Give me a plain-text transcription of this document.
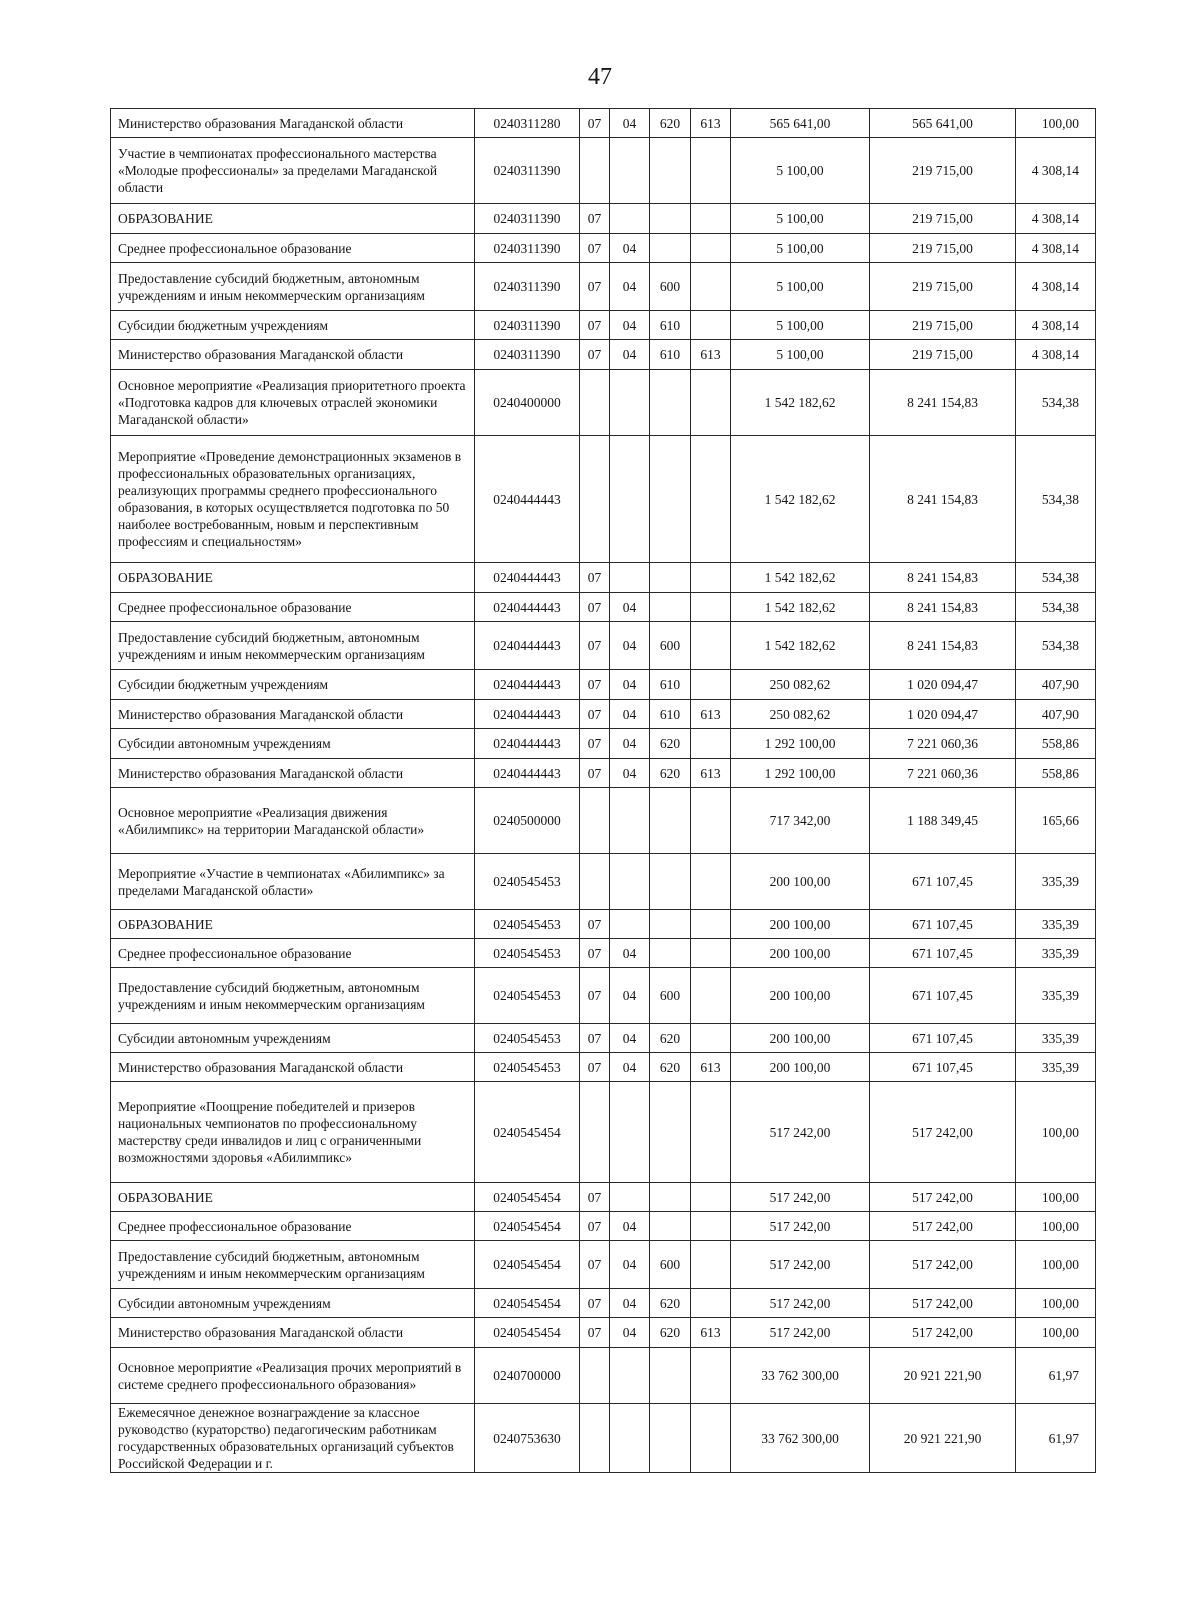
47
Министерство образования Магаданской области	0240311280	07	04	620	613	565 641,00	565 641,00	100,00
Участие в чемпионатах профессионального мастерства «Молодые профессионалы» за пределами Магаданской области	0240311390					5 100,00	219 715,00	4 308,14
ОБРАЗОВАНИЕ	0240311390	07				5 100,00	219 715,00	4 308,14
Среднее профессиональное образование	0240311390	07	04			5 100,00	219 715,00	4 308,14
Предоставление субсидий бюджетным, автономным учреждениям и иным некоммерческим организациям	0240311390	07	04	600		5 100,00	219 715,00	4 308,14
Субсидии бюджетным учреждениям	0240311390	07	04	610		5 100,00	219 715,00	4 308,14
Министерство образования Магаданской области	0240311390	07	04	610	613	5 100,00	219 715,00	4 308,14
Основное мероприятие «Реализация приоритетного проекта «Подготовка кадров для ключевых отраслей экономики Магаданской области»	0240400000					1 542 182,62	8 241 154,83	534,38
Мероприятие «Проведение демонстрационных экзаменов в профессиональных образовательных организациях, реализующих программы среднего профессионального образования, в которых осуществляется подготовка по 50 наиболее востребованным, новым и перспективным профессиям и специальностям»	0240444443					1 542 182,62	8 241 154,83	534,38
ОБРАЗОВАНИЕ	0240444443	07				1 542 182,62	8 241 154,83	534,38
Среднее профессиональное образование	0240444443	07	04			1 542 182,62	8 241 154,83	534,38
Предоставление субсидий бюджетным, автономным учреждениям и иным некоммерческим организациям	0240444443	07	04	600		1 542 182,62	8 241 154,83	534,38
Субсидии бюджетным учреждениям	0240444443	07	04	610		250 082,62	1 020 094,47	407,90
Министерство образования Магаданской области	0240444443	07	04	610	613	250 082,62	1 020 094,47	407,90
Субсидии автономным учреждениям	0240444443	07	04	620		1 292 100,00	7 221 060,36	558,86
Министерство образования Магаданской области	0240444443	07	04	620	613	1 292 100,00	7 221 060,36	558,86
Основное мероприятие «Реализация движения «Абилимпикс» на территории Магаданской области»	0240500000					717 342,00	1 188 349,45	165,66
Мероприятие «Участие в чемпионатах «Абилимпикс» за пределами Магаданской области»	0240545453					200 100,00	671 107,45	335,39
ОБРАЗОВАНИЕ	0240545453	07				200 100,00	671 107,45	335,39
Среднее профессиональное образование	0240545453	07	04			200 100,00	671 107,45	335,39
Предоставление субсидий бюджетным, автономным учреждениям и иным некоммерческим организациям	0240545453	07	04	600		200 100,00	671 107,45	335,39
Субсидии автономным учреждениям	0240545453	07	04	620		200 100,00	671 107,45	335,39
Министерство образования Магаданской области	0240545453	07	04	620	613	200 100,00	671 107,45	335,39
Мероприятие «Поощрение победителей и призеров национальных чемпионатов по профессиональному мастерству среди инвалидов и лиц с ограниченными возможностями здоровья «Абилимпикс»	0240545454					517 242,00	517 242,00	100,00
ОБРАЗОВАНИЕ	0240545454	07				517 242,00	517 242,00	100,00
Среднее профессиональное образование	0240545454	07	04			517 242,00	517 242,00	100,00
Предоставление субсидий бюджетным, автономным учреждениям и иным некоммерческим организациям	0240545454	07	04	600		517 242,00	517 242,00	100,00
Субсидии автономным учреждениям	0240545454	07	04	620		517 242,00	517 242,00	100,00
Министерство образования Магаданской области	0240545454	07	04	620	613	517 242,00	517 242,00	100,00
Основное мероприятие «Реализация прочих мероприятий в системе среднего профессионального образования»	0240700000					33 762 300,00	20 921 221,90	61,97
Ежемесячное денежное вознаграждение за классное руководство (кураторство) педагогическим работникам государственных образовательных организаций субъектов Российской Федерации и г.	0240753630					33 762 300,00	20 921 221,90	61,97
